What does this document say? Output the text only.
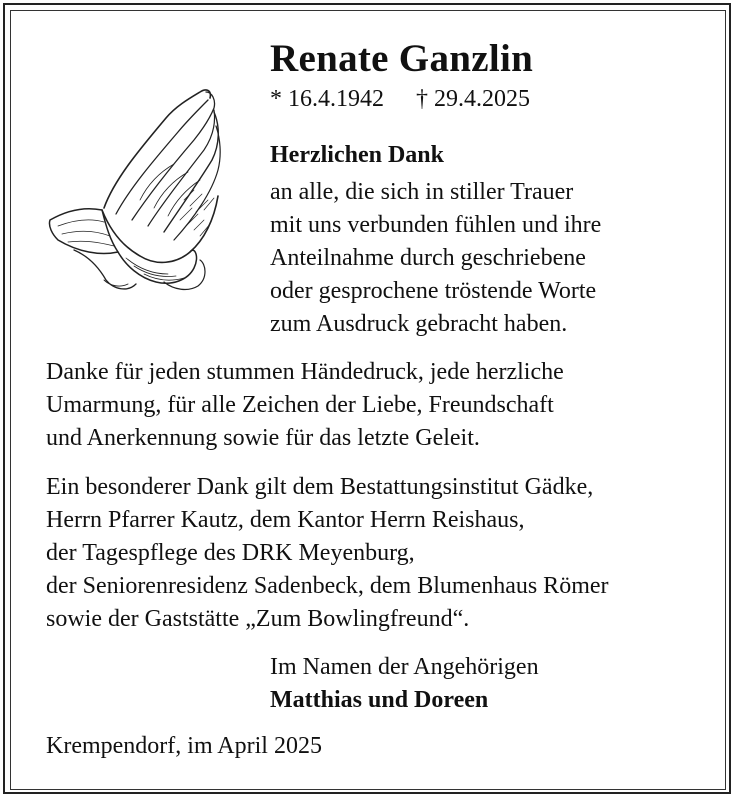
Renate Ganzlin
* 16.4.1942 † 29.4.2025
Herzlichen Dank
an alle, die sich in stiller Trauer
mit uns verbunden fühlen und ihre
Anteilnahme durch geschriebene
oder gesprochene tröstende Worte
zum Ausdruck gebracht haben.
Danke für jeden stummen Händedruck, jede herzliche
Umarmung, für alle Zeichen der Liebe, Freundschaft
und Anerkennung sowie für das letzte Geleit.
Ein besonderer Dank gilt dem Bestattungsinstitut Gädke,
Herrn Pfarrer Kautz, dem Kantor Herrn Reishaus,
der Tagespflege des DRK Meyenburg,
der Seniorenresidenz Sadenbeck, dem Blumenhaus Römer
sowie der Gaststätte „Zum Bowlingfreund“.
Im Namen der Angehörigen
Matthias und Doreen
Krempendorf, im April 2025
